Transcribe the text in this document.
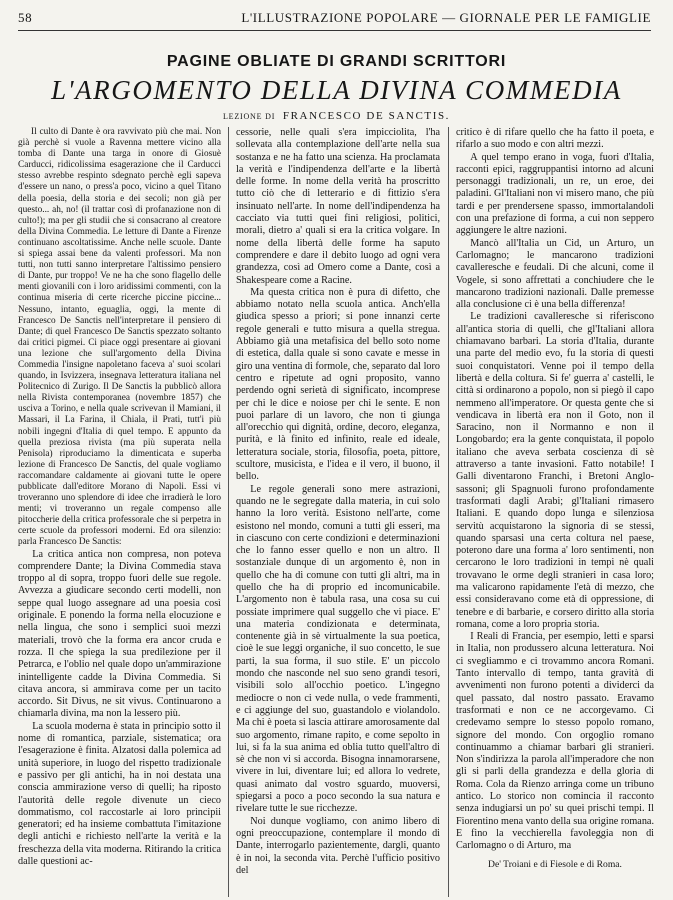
58	L'ILLUSTRAZIONE POPOLARE — GIORNALE PER LE FAMIGLIE
PAGINE OBLIATE DI GRANDI SCRITTORI
L'ARGOMENTO DELLA DIVINA COMMEDIA
LEZIONE DI FRANCESCO DE SANCTIS.

Il culto di Dante è ora ravvivato più che mai. Non già perchè si vuole a Ravenna mettere vicino alla tomba di Dante una targa in onore di Giosuè Carducci, ridicolissima esagerazione che il Carducci stesso avrebbe respinto sdegnato perchè egli sapeva d'essere un nano, o press'a poco, vicino a quel Titano della poesia, della storia e dei secoli; non già per questo... ah, no! (il trattar così di profanazione non di culto!); ma per gli studii che si consacrano al creatore della Divina Commedia. Le letture di Dante a Firenze continuano ascoltatissime. Anche nelle scuole. Dante si spiega assai bene da valenti professori. Ma non tutti, non tutti sanno interpretare l'altissimo pensiero di Dante, pur troppo! Ve ne ha che sono flagello delle menti giovanili con i loro aridissimi commenti, con la continua miseria di certe ricerche piccine piccine... Nessuno, intanto, eguaglia, oggi, la mente di Francesco De Sanctis nell'interpretare il pensiero di Dante; di quel Francesco De Sanctis spezzato soltanto dai critici pigmei. Ci piace oggi presentare ai giovani una lezione che sull'argomento della Divina Commedia l'insigne napoletano faceva a' suoi scolari quando, in Isvizzera, insegnava letteratura italiana nel Politecnico di Zurigo. Il De Sanctis la pubblicò allora nella Rivista contemporanea (novembre 1857) che usciva a Torino, e nella quale scrivevan il Mamiani, il Massari, il La Farina, il Chiala, il Prati, tutt'i più nobili ingegni d'Italia di quel tempo. E appunto da quella preziosa rivista (ma più superata nella Penisola) riproduciamo la dimenticata e superba lezione di Francesco De Sanctis, del quale vogliamo raccomandare caldamente ai giovani tutte le opere pubblicate dall'editore Morano di Napoli. Essi vi troveranno uno splendore di idee che irradierà le loro menti; vi troveranno un regale compenso alle pitoccherie della critica professorale che si perpetra in certe scuole da professori moderni. Ed ora silenzio: parla Francesco De Sanctis:

La critica antica non compresa, non poteva comprendere Dante; la Divina Commedia stava troppo al di sopra, troppo fuori delle sue regole. Avvezza a giudicare secondo certi modelli, non seppe qual luogo assegnare ad una poesia così originale. E ponendo la forma nella elocuzione e nella lingua, che sono i semplici suoi mezzi materiali, trovò che la forma era ancor cruda e rozza. Il che spiega la sua predilezione per il Petrarca, e l'oblio nel quale dopo un'ammirazione inintelligente cadde la Divina Commedia. Si citava ancora, si ammirava come per un tacito accordo. Sit Divus, ne sit vivus. Continuarono a chiamarla divina, ma non la lessero più.

La scuola moderna è stata in principio sotto il nome di romantica, parziale, sistematica; ora l'esagerazione è finita. Alzatosi dalla polemica ad unità superiore, in luogo del rispetto tradizionale e passivo per gli antichi, ha in noi destata una conscia ammirazione verso di quelli; ha riposto l'autorità delle regole divenute un cieco dommatismo, col raccostarle ai loro principii generatori; ed ha insieme combattuta l'imitazione degli antichi e richiesto nell'arte la verità e la freschezza della vita moderna. Ritirando la critica dalle questioni ac-

cessorie, nelle quali s'era impicciolita, l'ha sollevata alla contemplazione dell'arte nella sua sostanza e ne ha fatto una scienza. Ha proclamata la verità e l'indipendenza dell'arte e la libertà delle forme. In nome della verità ha proscritto tutto ciò che di letterario e di fittizio s'era insinuato nell'arte. In nome dell'indipendenza ha cacciato via tutti quei fini religiosi, politici, morali, dietro a' quali si era la critica volgare. In nome della libertà delle forme ha saputo comprendere e dare il debito luogo ad ogni vera grandezza, così ad Omero come a Dante, così a Shakespeare come a Racine.

Ma questa critica non è pura di difetto, che abbiamo notato nella scuola antica. Anch'ella giudica spesso a priori; si pone innanzi certe regole generali e tutto misura a quella stregua. Abbiamo già una metafisica del bello soto nome di estetica, dalla quale si sono cavate e messe in giro una ventina di formole, che, separato dal loro centro e ripetute ad ogni proposito, vanno perdendo ogni serietà di significato, incomprese per chi le dice e noiose per chi le sente. E non puoi parlare di un lavoro, che non ti giunga all'orecchio qui dignità, ordine, decoro, eleganza, purità, e là finito ed infinito, reale ed ideale, letteratura sociale, storia, filosofia, poeta, pittore, scultore, musicista, e l'idea e il vero, il buono, il bello.

Le regole generali sono mere astrazioni, quando ne le segregate dalla materia, in cui solo hanno la loro verità. Esistono nell'arte, come esistono nel mondo, comuni a tutti gli esseri, ma in ciascuno con certe condizioni e determinazioni che lo fanno esser quello e non un altro. Il sostanziale dunque di un argomento è, non in quello che ha di comune con tutti gli altri, ma in quello che ha di proprio ed incomunicabile. L'argomento non è tabula rasa, una cosa su cui possiate imprimere qual suggello che vi piace. E' una materia condizionata e determinata, contenente già in sè virtualmente la sua poetica, cioè le sue leggi organiche, il suo concetto, le sue parti, la sua forma, il suo stile. E' un piccolo mondo che nasconde nel suo seno grandi tesori, visibili solo all'occhio poetico. L'ingegno mediocre o non ci vede nulla, o vede frammenti, e ci aggiunge del suo, guastandolo e violandolo. Ma chi è poeta si lascia attirare amorosamente dal suo argomento, rimane rapito, e come sepolto in lui, si fa la sua anima ed oblia tutto quell'altro di sè che non vi si accorda. Bisogna innamorarsene, vivere in lui, diventare lui; ed allora lo vedrete, quasi animato dal vostro sguardo, muoversi, spiegarsi a poco a poco secondo la sua natura e rivelare tutte le sue ricchezze.

Noi dunque vogliamo, con animo libero di ogni preoccupazione, contemplare il mondo di Dante, interrogarlo pazientemente, dargli, quanto è in noi, la seconda vita. Perchè l'ufficio positivo del

critico è di rifare quello che ha fatto il poeta, e rifarlo a suo modo e con altri mezzi.

A quel tempo erano in voga, fuori d'Italia, racconti epici, raggruppantisi intorno ad alcuni personaggi tradizionali, un re, un eroe, dei paladini. Gl'Italiani non vi misero mano, che più tardi e per prendersene spasso, immortalandoli con una prefazione di forma, a cui non seppero aggiungere le altre nazioni.

Mancò all'Italia un Cid, un Arturo, un Carlomagno; le mancarono tradizioni cavalleresche e feudali. Di che alcuni, come il Vogele, si sono affrettati a conchiudere che le mancarono tradizioni nazionali. Dalle premesse alla conclusione ci è una bella differenza!

Le tradizioni cavalleresche si riferiscono all'antica storia di quelli, che gl'Italiani allora chiamavano barbari. La storia d'Italia, durante una parte del medio evo, fu la storia di questi suoi conquistatori. Venne poi il tempo della libertà e della coltura. Si fe' guerra a' castelli, le città si ordinarono a popolo, non si piegò il capo nemmeno all'imperatore. Or questa gente che si vendicava in libertà era non il Goto, non il Saracino, non il Normanno e non il Longobardo; era la gente conquistata, il popolo italiano che aveva serbata coscienza di sè attraverso a tante invasioni. Fatto notabile! I Galli diventarono Franchi, i Bretoni Anglo-sassoni; gli Spagnuoli furono profondamente trasformati dagli Arabi; gl'Italiani rimasero Italiani. E quando dopo lunga e silenziosa servitù acquistarono la signoria di se stessi, quando sparsasi una certa coltura nel paese, poterono dare una forma a' loro sentimenti, non cercarono le loro tradizioni in tempi nè quali trovavano le orme degli stranieri in casa loro; ma valicarono rapidamente l'età di mezzo, che essi consideravano come età di oppressione, di tenebre e di barbarie, e corsero diritto alla storia romana, come a loro propria storia.

I Reali di Francia, per esempio, letti e sparsi in Italia, non produssero alcuna letteratura. Noi ci svegliammo e ci trovammo ancora Romani. Tanto intervallo di tempo, tanta gravità di avvenimenti non furono potenti a dividerci da quel passato, dal nostro passato. Eravamo trasformati e non ce ne accorgevamo. Ci credevamo sempre lo stesso popolo romano, signore del mondo. Con orgoglio romano continuammo a chiamar barbari gli stranieri. Non s'indirizza la parola all'imperadore che non gli si parli della grandezza e della gloria di Roma. Cola da Rienzo arringa come un tribuno antico. Lo storico non comincia il racconto senza indugiarsi un po' su quei prischi tempi. Il Fiorentino mena vanto della sua origine romana. E fino la vecchierella favoleggia non di Carlomagno o di Arturo, ma

De' Troiani e di Fiesole e di Roma.
